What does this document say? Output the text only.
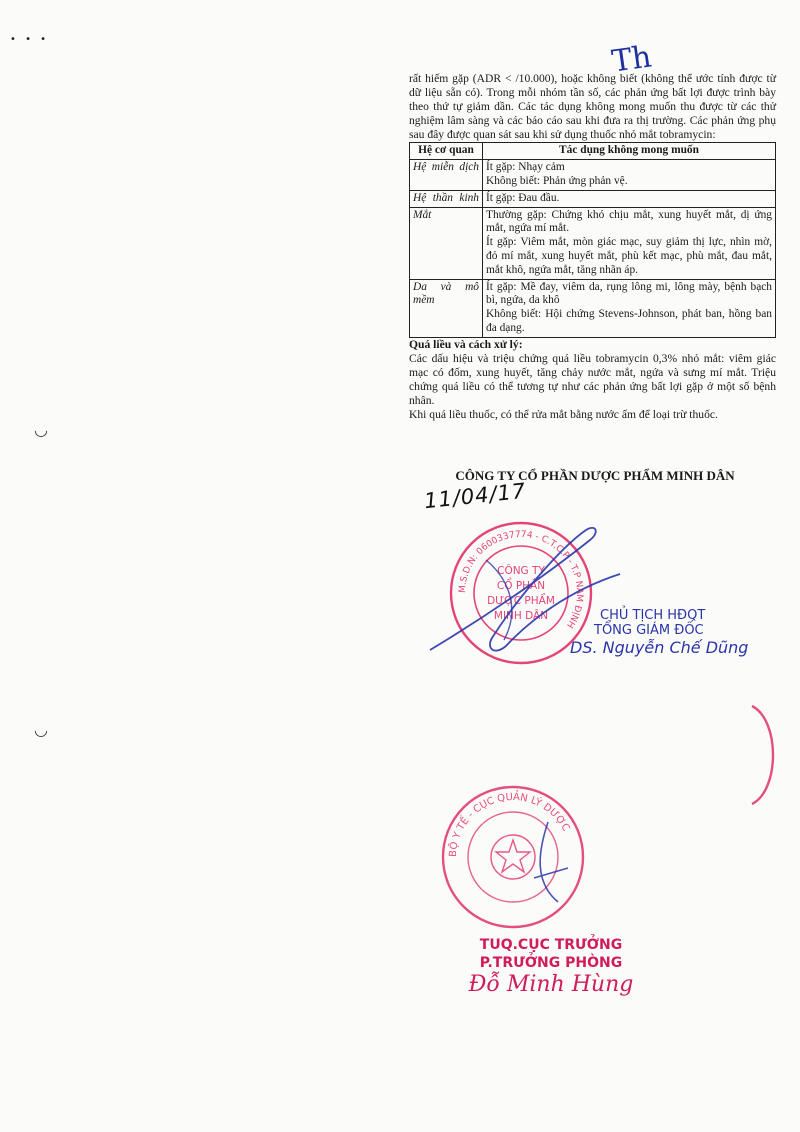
• • •
◡
◡
Th

rất hiếm gặp (ADR < /10.000), hoặc không biết (không thể ước tính được từ dữ liệu sẵn có). Trong mỗi nhóm tần số, các phản ứng bất lợi được trình bày theo thứ tự giảm dần. Các tác dụng không mong muốn thu được từ các thử nghiệm lâm sàng và các báo cáo sau khi đưa ra thị trường. Các phản ứng phụ sau đây được quan sát sau khi sử dụng thuốc nhỏ mắt tobramycin:

Hệ cơ quan	Tác dụng không mong muốn
Hệ miễn dịch	Ít gặp: Nhạy cảm
Không biết: Phản ứng phản vệ.

Hệ thần kinh	Ít gặp: Đau đầu.

Mắt	Thường gặp: Chứng khó chịu mắt, xung huyết mắt, dị ứng mắt, ngứa mí mắt.
Ít gặp: Viêm mắt, mòn giác mạc, suy giảm thị lực, nhìn mờ, đỏ mí mắt, xung huyết mắt, phù kết mạc, phù mắt, đau mắt, mắt khô, ngứa mắt, tăng nhãn áp.

Da và mô mềm	Ít gặp: Mề đay, viêm da, rụng lông mi, lông mày, bệnh bạch bì, ngứa, da khô
Không biết: Hội chứng Stevens-Johnson, phát ban, hồng ban đa dạng.

Quá liều và cách xử lý:

Các dấu hiệu và triệu chứng quá liều tobramycin 0,3% nhỏ mắt: viêm giác mạc có đốm, xung huyết, tăng chảy nước mắt, ngứa và sưng mí mắt. Triệu chứng quá liều có thể tương tự như các phản ứng bất lợi gặp ở một số bệnh nhân.

Khi quá liều thuốc, có thể rửa mắt bằng nước ấm để loại trừ thuốc.

CÔNG TY CỔ PHẦN DƯỢC PHẨM MINH DÂN
11/04/17
M.S.D.N: 0600337774 - C.T.C.P - T.P NAM ĐỊNH
CÔNG TY
CỔ PHẦN
DƯỢC PHẨM
MINH DÂN	CHỦ TỊCH HĐQT
TỔNG GIÁM ĐỐC
DS. Nguyễn Chế Dũng
BỘ Y TẾ - CỤC QUẢN LÝ DƯỢC
TUQ.CỤC TRƯỞNG
P.TRƯỞNG PHÒNG
Đỗ Minh Hùng
